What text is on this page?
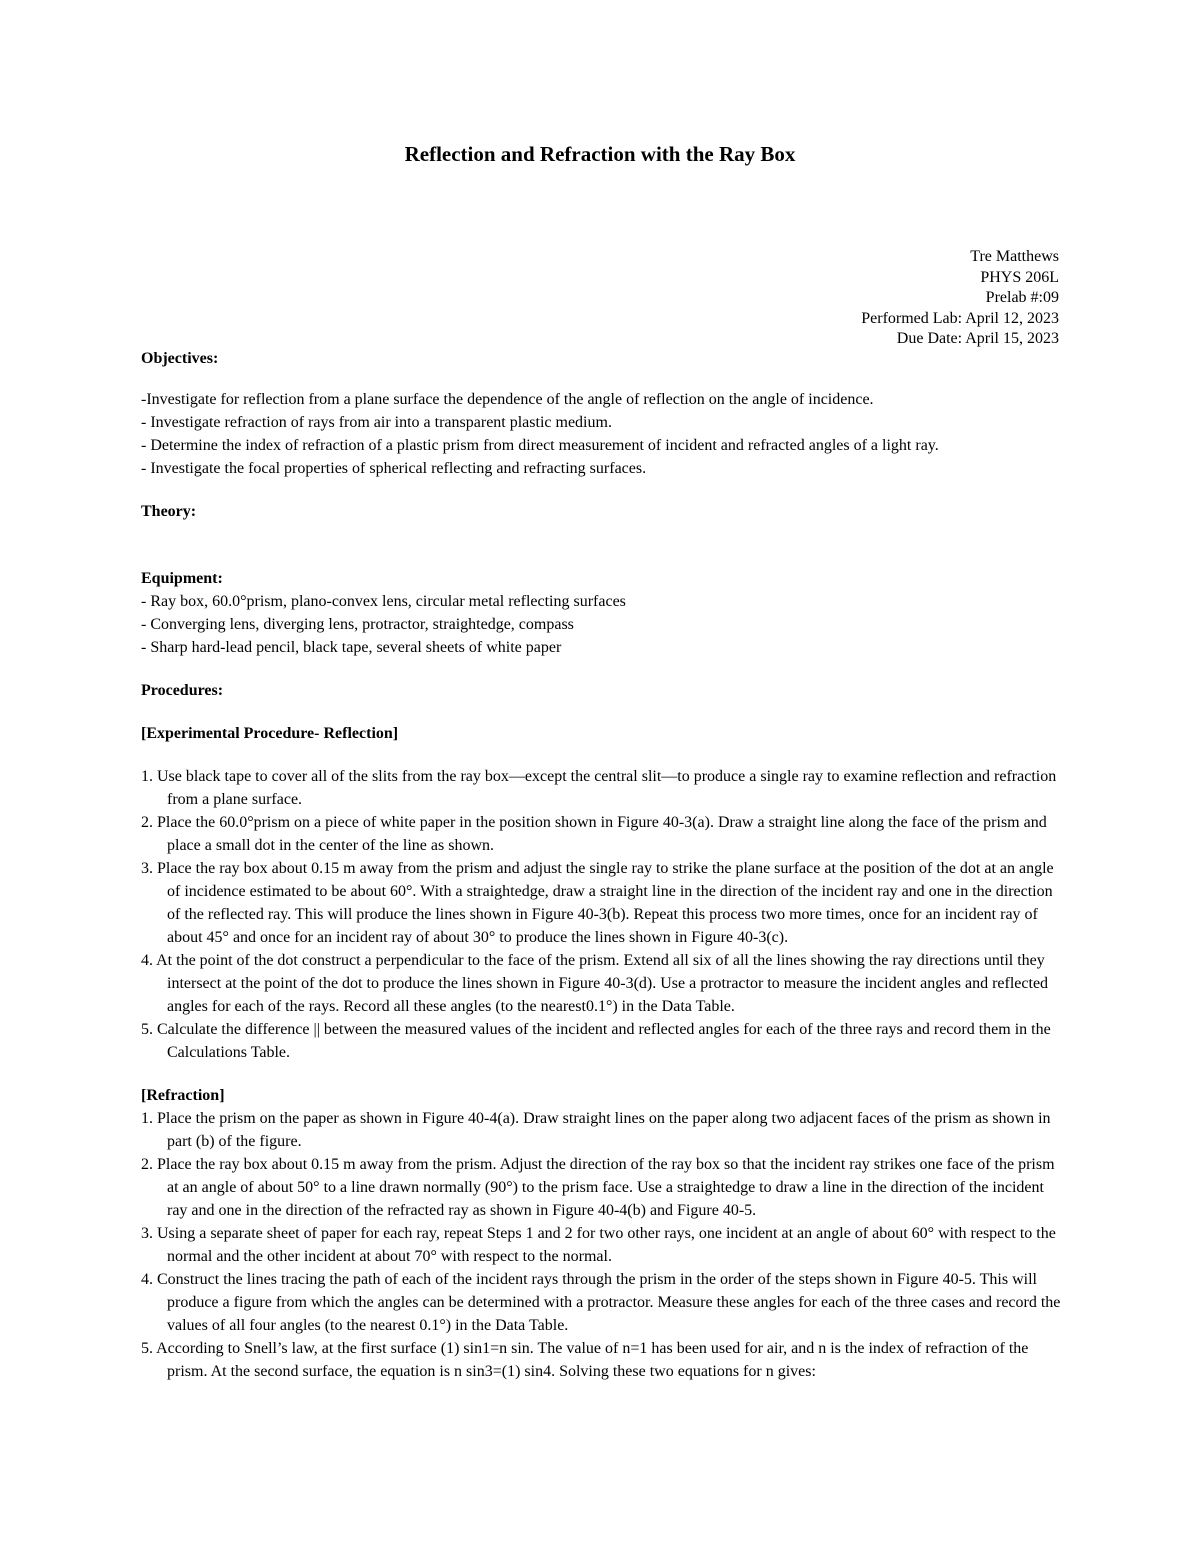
Reflection and Refraction with the Ray Box
Tre Matthews
PHYS 206L
Prelab #:09
Performed Lab: April 12, 2023
Due Date: April 15, 2023

Objectives:

-Investigate for reflection from a plane surface the dependence of the angle of reflection on the angle of incidence.

- Investigate refraction of rays from air into a transparent plastic medium.

- Determine the index of refraction of a plastic prism from direct measurement of incident and refracted angles of a light ray.

- Investigate the focal properties of spherical reflecting and refracting surfaces.

Theory:

Equipment:

- Ray box, 60.0°prism, plano-convex lens, circular metal reflecting surfaces

- Converging lens, diverging lens, protractor, straightedge, compass

- Sharp hard-lead pencil, black tape, several sheets of white paper

Procedures:

[Experimental Procedure- Reflection]

1. Use black tape to cover all of the slits from the ray box—except the central slit—to produce a single ray to examine reflection and refraction from a plane surface.
2. Place the 60.0°prism on a piece of white paper in the position shown in Figure 40-3(a). Draw a straight line along the face of the prism and place a small dot in the center of the line as shown.
3. Place the ray box about 0.15 m away from the prism and adjust the single ray to strike the plane surface at the position of the dot at an angle of incidence estimated to be about 60°. With a straightedge, draw a straight line in the direction of the incident ray and one in the direction of the reflected ray. This will produce the lines shown in Figure 40-3(b). Repeat this process two more times, once for an incident ray of about 45° and once for an incident ray of about 30° to produce the lines shown in Figure 40-3(c).
4. At the point of the dot construct a perpendicular to the face of the prism. Extend all six of all the lines showing the ray directions until they intersect at the point of the dot to produce the lines shown in Figure 40-3(d). Use a protractor to measure the incident angles and reflected angles for each of the rays. Record all these angles (to the nearest0.1°) in the Data Table.
5. Calculate the difference || between the measured values of the incident and reflected angles for each of the three rays and record them in the Calculations Table.

[Refraction]

1. Place the prism on the paper as shown in Figure 40-4(a). Draw straight lines on the paper along two adjacent faces of the prism as shown in part (b) of the figure.
2. Place the ray box about 0.15 m away from the prism. Adjust the direction of the ray box so that the incident ray strikes one face of the prism at an angle of about 50° to a line drawn normally (90°) to the prism face. Use a straightedge to draw a line in the direction of the incident ray and one in the direction of the refracted ray as shown in Figure 40-4(b) and Figure 40-5.
3. Using a separate sheet of paper for each ray, repeat Steps 1 and 2 for two other rays, one incident at an angle of about 60° with respect to the normal and the other incident at about 70° with respect to the normal.
4. Construct the lines tracing the path of each of the incident rays through the prism in the order of the steps shown in Figure 40-5. This will produce a figure from which the angles can be determined with a protractor. Measure these angles for each of the three cases and record the values of all four angles (to the nearest 0.1°) in the Data Table.
5. According to Snell’s law, at the first surface (1) sin1=n sin. The value of n=1 has been used for air, and n is the index of refraction of the prism. At the second surface, the equation is n sin3=(1) sin4. Solving these two equations for n gives:
